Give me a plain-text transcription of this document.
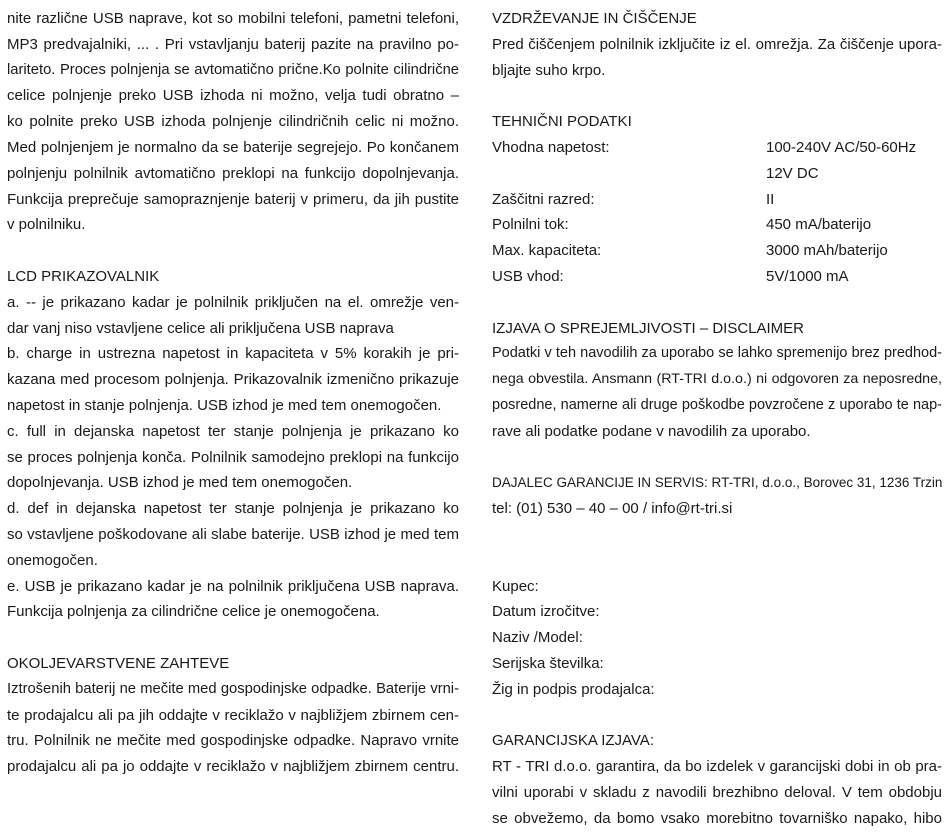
nite različne USB naprave, kot so mobilni telefoni, pametni telefoni,

MP3 predvajalniki, ... . Pri vstavljanju baterij pazite na pravilno po-

lariteto. Proces polnjenja se avtomatično prične.Ko polnite cilindrične

celice polnjenje preko USB izhoda ni možno, velja tudi obratno –

ko polnite preko USB izhoda polnjenje cilindričnih celic ni možno.

Med polnjenjem je normalno da se baterije segrejejo. Po končanem

polnjenju polnilnik avtomatično preklopi na funkcijo dopolnjevanja.

Funkcija preprečuje samopraznjenje baterij v primeru, da jih pustite

v polnilniku.

LCD PRIKAZOVALNIK

a. -- je prikazano kadar je polnilnik priključen na el. omrežje ven-

dar vanj niso vstavljene celice ali priključena USB naprava

b. charge in ustrezna napetost in kapaciteta v 5% korakih je pri-

kazana med procesom polnjenja. Prikazovalnik izmenično prikazuje

napetost in stanje polnjenja. USB izhod je med tem onemogočen.

c. full in dejanska napetost ter stanje polnjenja je prikazano ko

se proces polnjenja konča. Polnilnik samodejno preklopi na funkcijo

dopolnjevanja. USB izhod je med tem onemogočen.

d. def in dejanska napetost ter stanje polnjenja je prikazano ko

so vstavljene poškodovane ali slabe baterije. USB izhod je med tem

onemogočen.

e. USB je prikazano kadar je na polnilnik priključena USB naprava.

Funkcija polnjenja za cilindrične celice je onemogočena.

OKOLJEVARSTVENE ZAHTEVE

Iztrošenih baterij ne mečite med gospodinjske odpadke. Baterije vrni-

te prodajalcu ali pa jih oddajte v reciklažo v najbližjem zbirnem cen-

tru. Polnilnik ne mečite med gospodinjske odpadke. Napravo vrnite

prodajalcu ali pa jo oddajte v reciklažo v najbližjem zbirnem centru.

VZDRŽEVANJE IN ČIŠČENJE

Pred čiščenjem polnilnik izključite iz el. omrežja. Za čiščenje upora-

bljajte suho krpo.

TEHNIČNI PODATKI
Vhodna napetost:	100-240V AC/50-60Hz
12V DC
Zaščitni razred:	II
Polnilni tok:	450 mA/baterijo
Max. kapaciteta:	3000 mAh/baterijo
USB vhod:	5V/1000 mA
IZJAVA O SPREJEMLJIVOSTI – DISCLAIMER

Podatki v teh navodilih za uporabo se lahko spremenijo brez predhod-

nega obvestila. Ansmann (RT-TRI d.o.o.) ni odgovoren za neposredne,

posredne, namerne ali druge poškodbe povzročene z uporabo te nap-

rave ali podatke podane v navodilih za uporabo.

DAJALEC GARANCIJE IN SERVIS: RT-TRI, d.o.o., Borovec 31, 1236 Trzin

tel: (01) 530 – 40 – 00 / info@rt-tri.si

Kupec:

Datum izročitve:

Naziv /Model:

Serijska številka:

Žig in podpis prodajalca:

GARANCIJSKA IZJAVA:

RT - TRI d.o.o. garantira, da bo izdelek v garancijski dobi in ob pra-

vilni uporabi v skladu z navodili brezhibno deloval. V tem obdobju

se obvežemo, da bomo vsako morebitno tovarniško napako, hibo
